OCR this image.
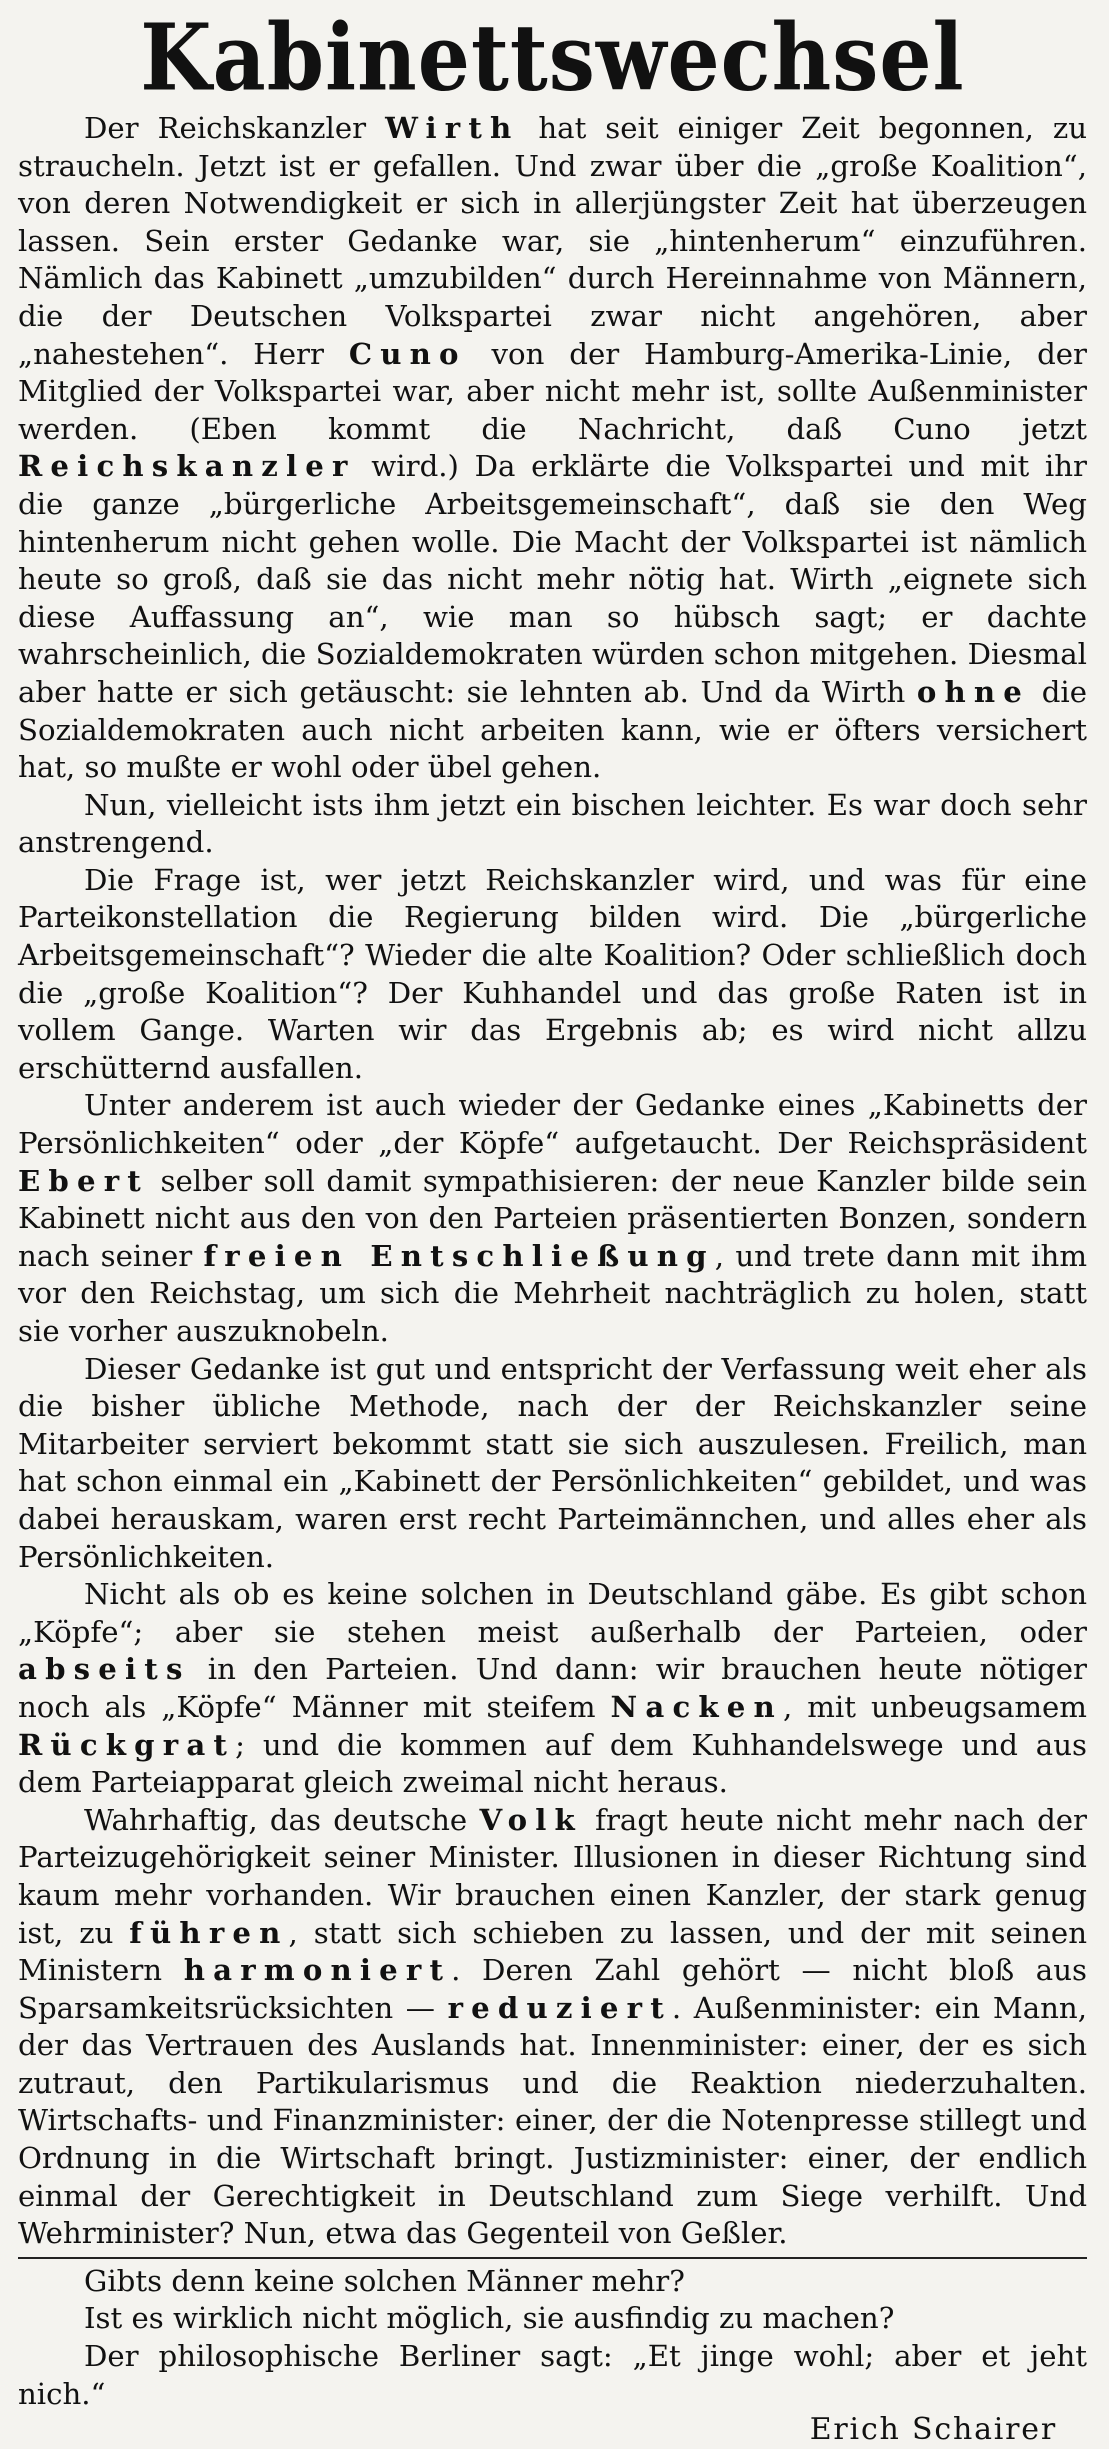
Kabinettswechsel

Der Reichskanzler Wirth hat seit einiger Zeit begonnen, zu straucheln. Jetzt ist er gefallen. Und zwar über die „große Koalition“, von deren Notwendigkeit er sich in allerjüngster Zeit hat überzeugen lassen. Sein erster Gedanke war, sie „hintenherum“ einzuführen. Nämlich das Kabinett „umzubilden“ durch Hereinnahme von Männern, die der Deutschen Volkspartei zwar nicht angehören, aber „nahestehen“. Herr Cuno von der Hamburg-Amerika-Linie, der Mitglied der Volkspartei war, aber nicht mehr ist, sollte Außenminister werden. (Eben kommt die Nachricht, daß Cuno jetzt Reichskanzler wird.) Da erklärte die Volkspartei und mit ihr die ganze „bürgerliche Arbeitsgemeinschaft“, daß sie den Weg hintenherum nicht gehen wolle. Die Macht der Volkspartei ist nämlich heute so groß, daß sie das nicht mehr nötig hat. Wirth „eignete sich diese Auffassung an“, wie man so hübsch sagt; er dachte wahrscheinlich, die Sozialdemokraten würden schon mitgehen. Diesmal aber hatte er sich getäuscht: sie lehnten ab. Und da Wirth ohne die Sozialdemokraten auch nicht arbeiten kann, wie er öfters versichert hat, so mußte er wohl oder übel gehen.

Nun, vielleicht ists ihm jetzt ein bischen leichter. Es war doch sehr anstrengend.

Die Frage ist, wer jetzt Reichskanzler wird, und was für eine Parteikonstellation die Regierung bilden wird. Die „bürgerliche Arbeitsgemeinschaft“? Wieder die alte Koalition? Oder schließlich doch die „große Koalition“? Der Kuhhandel und das große Raten ist in vollem Gange. Warten wir das Ergebnis ab; es wird nicht allzu erschütternd ausfallen.

Unter anderem ist auch wieder der Gedanke eines „Kabinetts der Persönlichkeiten“ oder „der Köpfe“ aufgetaucht. Der Reichspräsident Ebert selber soll damit sympathisieren: der neue Kanzler bilde sein Kabinett nicht aus den von den Parteien präsentierten Bonzen, sondern nach seiner freien Entschließung, und trete dann mit ihm vor den Reichstag, um sich die Mehrheit nachträglich zu holen, statt sie vorher auszuknobeln.

Dieser Gedanke ist gut und entspricht der Verfassung weit eher als die bisher übliche Methode, nach der der Reichskanzler seine Mitarbeiter serviert bekommt statt sie sich auszulesen. Freilich, man hat schon einmal ein „Kabinett der Persönlichkeiten“ gebildet, und was dabei herauskam, waren erst recht Parteimännchen, und alles eher als Persönlichkeiten.

Nicht als ob es keine solchen in Deutschland gäbe. Es gibt schon „Köpfe“; aber sie stehen meist außerhalb der Parteien, oder abseits in den Parteien. Und dann: wir brauchen heute nötiger noch als „Köpfe“ Männer mit steifem Nacken, mit unbeugsamem Rückgrat; und die kommen auf dem Kuhhandelswege und aus dem Parteiapparat gleich zweimal nicht heraus.

Wahrhaftig, das deutsche Volk fragt heute nicht mehr nach der Parteizugehörigkeit seiner Minister. Illusionen in dieser Richtung sind kaum mehr vorhanden. Wir brauchen einen Kanzler, der stark genug ist, zu führen, statt sich schieben zu lassen, und der mit seinen Ministern harmoniert. Deren Zahl gehört — nicht bloß aus Sparsamkeitsrücksichten — reduziert. Außenminister: ein Mann, der das Vertrauen des Auslands hat. Innenminister: einer, der es sich zutraut, den Partikularismus und die Reaktion niederzuhalten. Wirtschafts- und Finanzminister: einer, der die Notenpresse stillegt und Ordnung in die Wirtschaft bringt. Justizminister: einer, der endlich einmal der Gerechtigkeit in Deutschland zum Siege verhilft. Und Wehrminister? Nun, etwa das Gegenteil von Geßler.

Gibts denn keine solchen Männer mehr?

Ist es wirklich nicht möglich, sie ausfindig zu machen?

Der philosophische Berliner sagt: „Et jinge wohl; aber et jeht nich.“

Erich Schairer
